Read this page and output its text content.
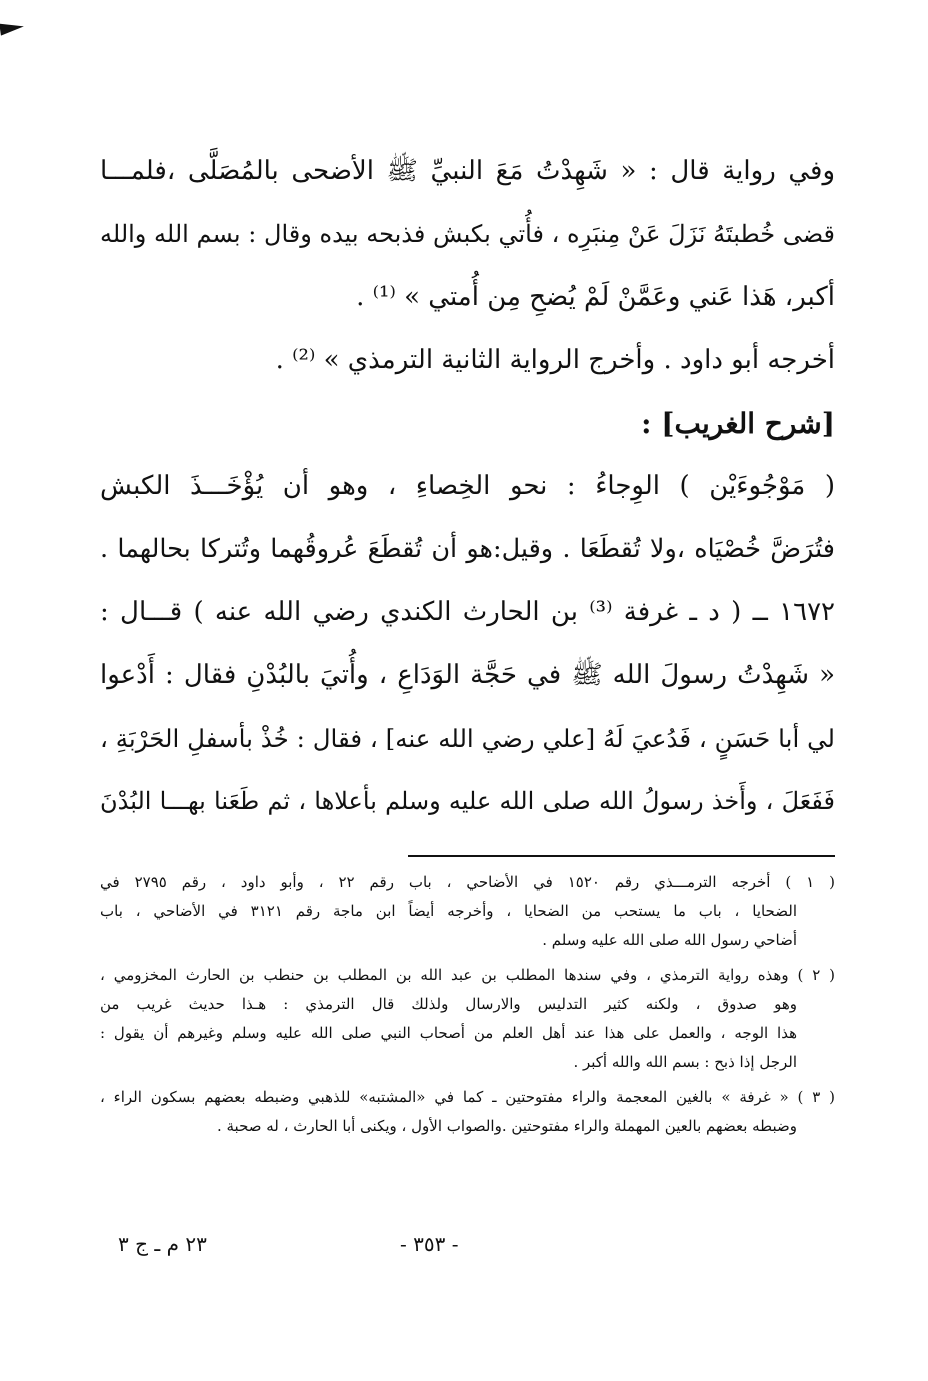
وفي رواية قال : « شَهِدْتُ مَعَ النبيِّ ﷺ الأضحى بالمُصَلَّى ،فلمـــا
قضى خُطبتَهُ نَزَلَ عَنْ مِنبَرِه ، فأُتي بكبش فذبحه بيده وقال : بسم الله والله
أكبر، هَذا عَني وعَمَّنْ لَمْ يُضحِ مِن أُمتي » ⁽¹⁾ .
أخرجه أبو داود . وأخرج الرواية الثانية الترمذي » ⁽²⁾ .
[شرح الغريب] :
( مَوْجُوءَيْن ) الوِجاءُ : نحو الخِصاءِ ، وهو أن يُؤْخَـــذَ الكبش
فتُرَضَّ خُصْيَاه ،ولا تُقطَعَا . وقيل:هو أن تُقطَعَ عُروقُهما وتُتركا بحالهما .
١٦٧٢ ــ ( د ـ غرفة ⁽³⁾ بن الحارث الكندي رضي الله عنه ) قـــال :
« شَهِدْتُ رسولَ الله ﷺ في حَجَّة الوَدَاعِ ، وأُتيَ بالبُدْنِ فقال : أَدْعوا
لي أبا حَسَنٍ ، فَدُعيَ لَهُ [علي رضي الله عنه] ، فقال : خُذْ بأسفلِ الحَرْبَةِ ،
فَفَعَلَ ، وأَخذ رسولُ الله صلى الله عليه وسلم بأعلاها ، ثم طَعَنا بهـــا البُدْنَ
( ١ ) أخرجه الترمـــذي رقم ١٥٢٠ في الأضاحي ، باب رقم ٢٢ ، وأبو داود ، رقم ٢٧٩٥ في
الضحايا ، باب ما يستحب من الضحايا ، وأخرجه أيضاً ابن ماجة رقم ٣١٢١ في الأضاحي ، باب
أضاحي رسول الله صلى الله عليه وسلم .
( ٢ ) وهذه رواية الترمذي ، وفي سندها المطلب بن عبد الله بن المطلب بن حنطب بن الحارث المخزومي ،
وهو صدوق ، ولكنه كثير التدليس والارسال ولذلك قال الترمذي : هـذا حديث غريب من
هذا الوجه ، والعمل على هذا عند أهل العلم من أصحاب النبي صلى الله عليه وسلم وغيرهم أن يقول :
الرجل إذا ذبح : بسم الله والله أكبر .
( ٣ ) « غرفة » بالغين المعجمة والراء مفتوحتين ـ كما في «المشتبه» للذهبي وضبطه بعضهم بسكون الراء ،
وضبطه بعضهم بالعين المهملة والراء مفتوحتين .والصواب الأول ، ويكنى أبا الحارث ، له صحبة .
- ٣٥٣ -
٢٣ م ـ ج ٣
